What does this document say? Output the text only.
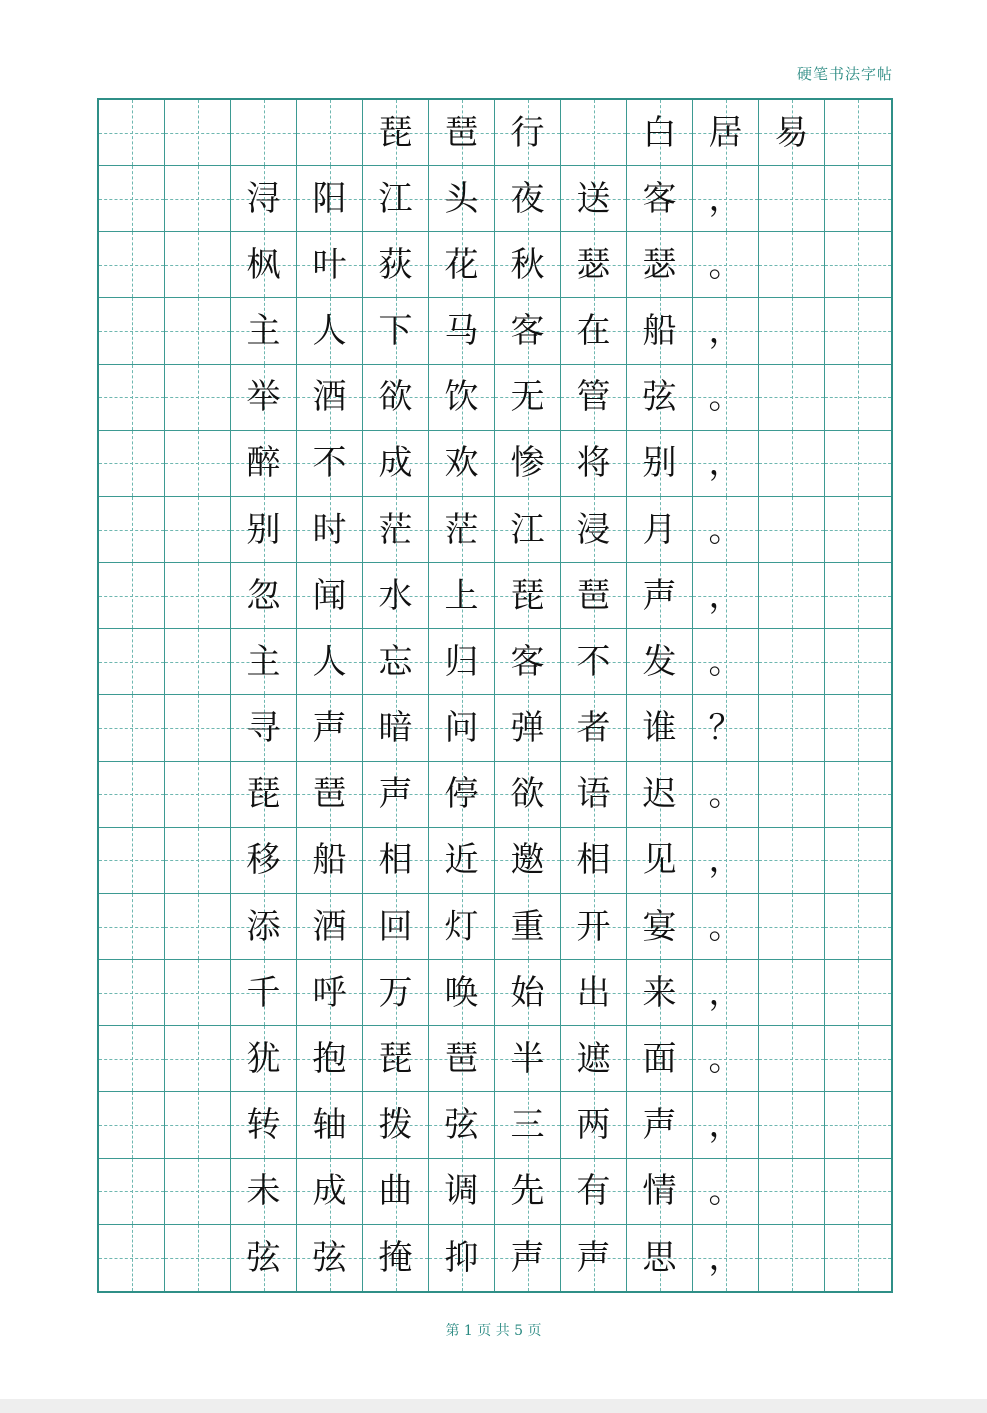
硬笔书法字帖
琵 琶 行	白 居 易
浔 阳 江 头 夜 送 客 ，
枫 叶 荻 花 秋 瑟 瑟 。
主 人 下 马 客 在 船 ，
举 酒 欲 饮 无 管 弦 。
醉 不 成 欢 惨 将 别 ，
别 时 茫 茫 江 浸 月 。
忽 闻 水 上 琵 琶 声 ，
主 人 忘 归 客 不 发 。
寻 声 暗 问 弹 者 谁 ？
琵 琶 声 停 欲 语 迟 。
移 船 相 近 邀 相 见 ，
添 酒 回 灯 重 开 宴 。
千 呼 万 唤 始 出 来 ，
犹 抱 琵 琶 半 遮 面 。
转 轴 拨 弦 三 两 声 ，
未 成 曲 调 先 有 情 。
弦 弦 掩 抑 声 声 思 ，
第 1 页 共 5 页
